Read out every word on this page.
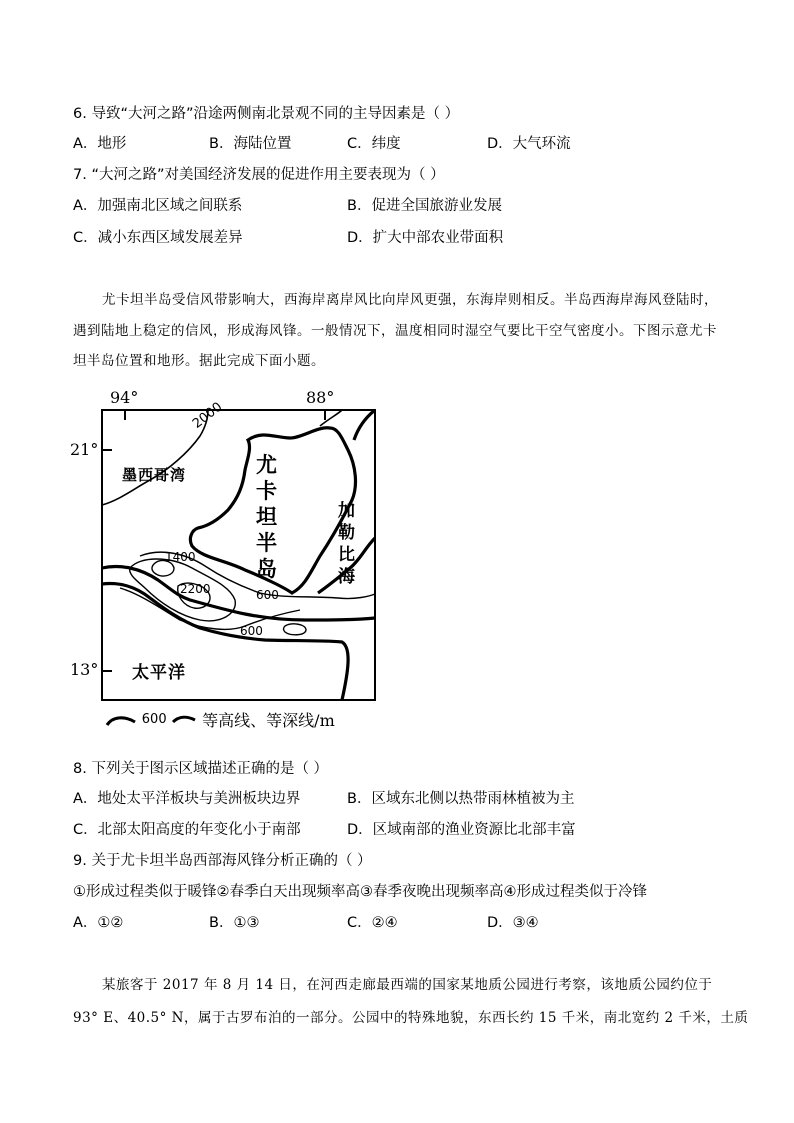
6. 导致“大河之路”沿途两侧南北景观不同的主导因素是（ ）
A．地形	B．海陆位置	C．纬度	D．大气环流
7. “大河之路”对美国经济发展的促进作用主要表现为（ ）
A．加强南北区域之间联系	B．促进全国旅游业发展
C．减小东西区域发展差异	D．扩大中部农业带面积
尤卡坦半岛受信风带影响大，西海岸离岸风比向岸风更强，东海岸则相反。半岛西海岸海风登陆时，
遇到陆地上稳定的信风，形成海风锋。一般情况下，温度相同时湿空气要比干空气密度小。下图示意尤卡
坦半岛位置和地形。据此完成下面小题。
94°	88°
21°
13°
2000
墨西哥湾	尤卡坦半岛
加勒比海
1400
2200	600
600
太平洋
600 等高线、等深线/m
8. 下列关于图示区域描述正确的是（ ）
A．地处太平洋板块与美洲板块边界	B．区域东北侧以热带雨林植被为主
C．北部太阳高度的年变化小于南部	D．区域南部的渔业资源比北部丰富
9. 关于尤卡坦半岛西部海风锋分析正确的（ ）
①形成过程类似于暖锋②春季白天出现频率高③春季夜晚出现频率高④形成过程类似于冷锋
A．①②	B．①③	C．②④	D．③④
某旅客于 2017 年 8 月 14 日，在河西走廊最西端的国家某地质公园进行考察，该地质公园约位于
93° E、40.5° N，属于古罗布泊的一部分。公园中的特殊地貌，东西长约 15 千米，南北宽约 2 千米，土质
